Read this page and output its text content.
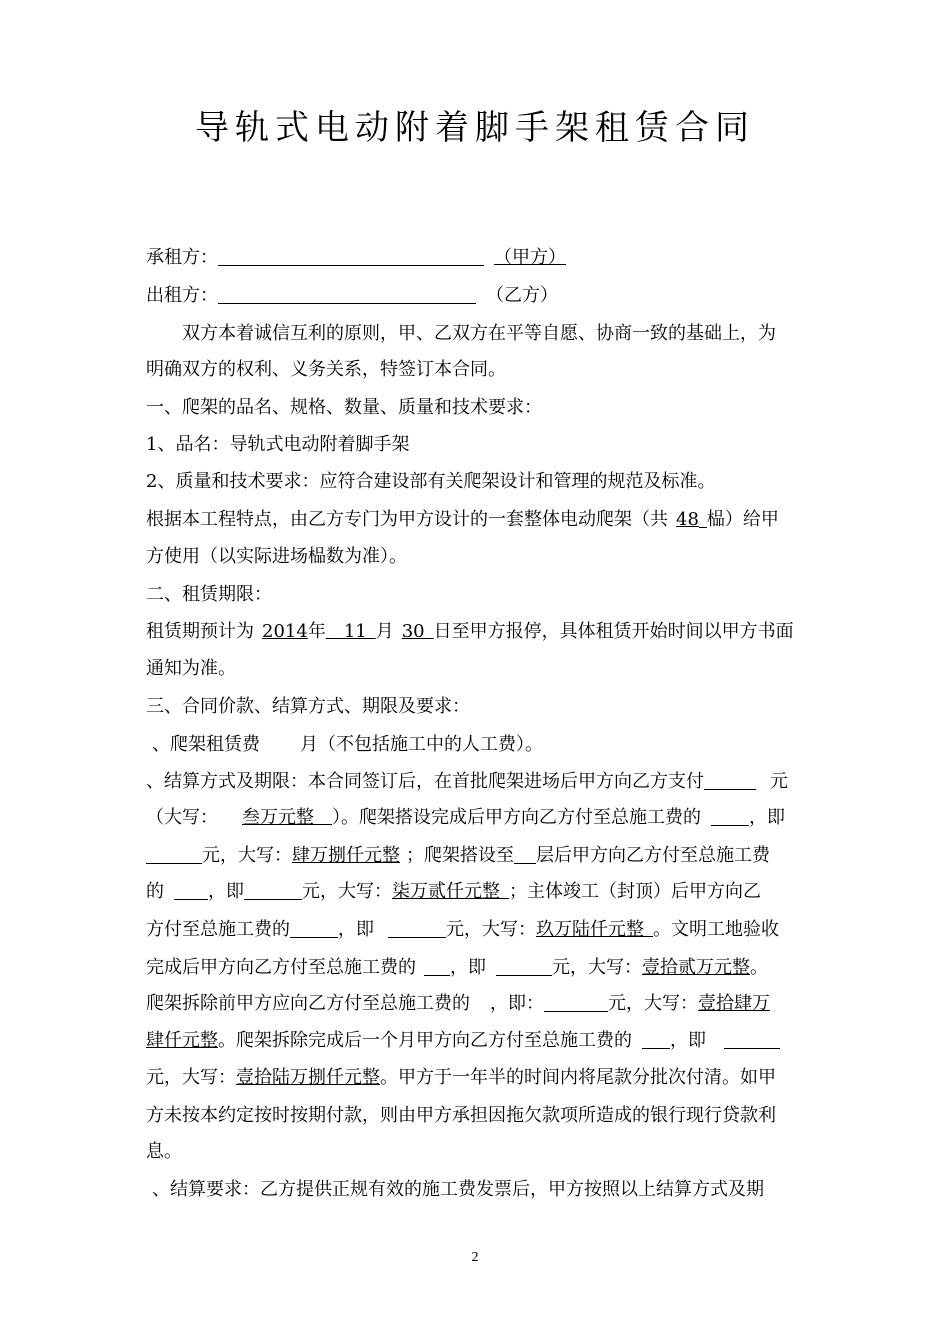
导轨式电动附着脚手架租赁合同
承租方：	（甲方）
出租方：	（乙方）
双方本着诚信互利的原则，甲、乙双方在平等自愿、协商一致的基础上，为
明确双方的权利、义务关系，特签订本合同。
一、爬架的品名、规格、数量、质量和技术要求：
1、品名：导轨式电动附着脚手架
2、质量和技术要求：应符合建设部有关爬架设计和管理的规范及标准。
根据本工程特点，由乙方专门为甲方设计的一套整体电动爬架（共 48 榀）给甲
方使用（以实际进场榀数为准）。
二、租赁期限：
租赁期预计为 2014年  11  月 30  日至甲方报停，具体租赁开始时间以甲方书面
通知为准。
三、合同价款、结算方式、期限及要求：
、爬架租赁费 月（不包括施工中的人工费）。
、结算方式及期限：本合同签订后，在首批爬架进场后甲方向乙方支付	元
（大写： 叁万元整  ）。爬架搭设完成后甲方向乙方付至总施工费的	，即
元，大写：肆万捌仟元整 ；爬架搭设至 层后甲方向乙方付至总施工费
的 ，即	元，大写：柒万贰仟元整  ；主体竣工（封顶）后甲方向乙
方付至总施工费的	，即	元，大写：玖万陆仟元整  。文明工地验收
完成后甲方向乙方付至总施工费的 ，即	元，大写：壹拾贰万元整。
爬架拆除前甲方应向乙方付至总施工费的 ，即：	元，大写：壹拾肆万
肆仟元整。爬架拆除完成后一个月甲方向乙方付至总施工费的 ，即
元，大写：壹拾陆万捌仟元整。甲方于一年半的时间内将尾款分批次付清。如甲
方未按本约定按时按期付款，则由甲方承担因拖欠款项所造成的银行现行贷款利
息。
、结算要求：乙方提供正规有效的施工费发票后，甲方按照以上结算方式及期
2
